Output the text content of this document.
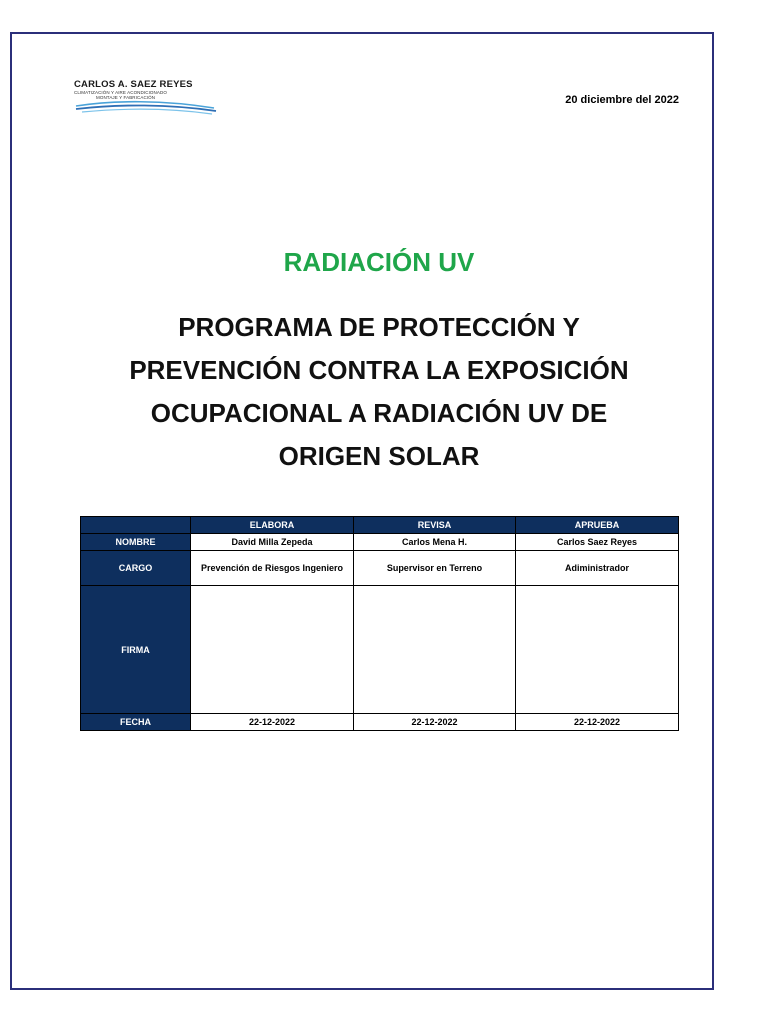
CARLOS A. SAEZ REYES
CLIMATIZACIÓN Y AIRE ACONDICIONADO
MONTAJE Y FABRICACIÓN	20 diciembre del 2022
RADIACIÓN UV
PROGRAMA DE PROTECCIÓN Y PREVENCIÓN CONTRA LA EXPOSICIÓN OCUPACIONAL A RADIACIÓN UV DE ORIGEN SOLAR
	ELABORA	REVISA	APRUEBA
NOMBRE	David Milla Zepeda	Carlos Mena H.	Carlos Saez Reyes
CARGO	Prevención de Riesgos Ingeniero	Supervisor en Terreno	Adiministrador
FIRMA			
FECHA	22-12-2022	22-12-2022	22-12-2022
